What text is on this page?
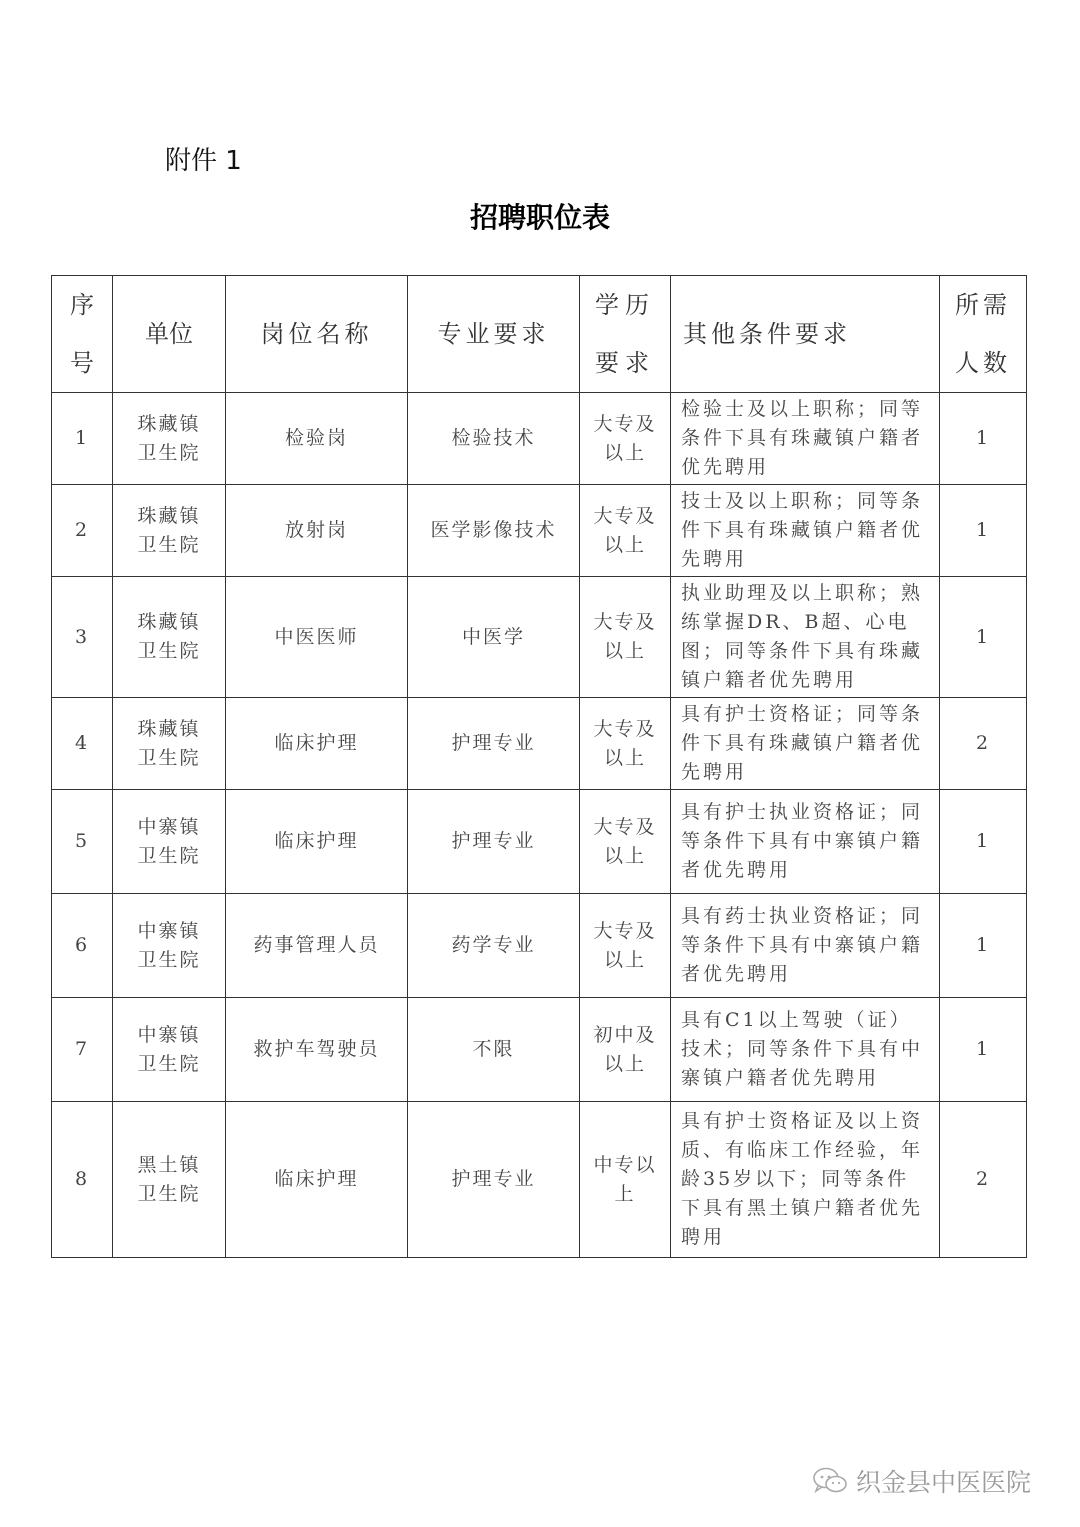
附件 1
招聘职位表
序号	单位	岗位名称	专业要求	学历要求	其他条件要求	所需人数

1	珠藏镇卫生院	检验岗	检验技术	大专及以上	检验士及以上职称；同等条件下具有珠藏镇户籍者优先聘用	1

2	珠藏镇卫生院	放射岗	医学影像技术	大专及以上	技士及以上职称；同等条件下具有珠藏镇户籍者优先聘用	1

3	珠藏镇卫生院	中医医师	中医学	大专及以上	执业助理及以上职称；熟练掌握DR、B超、心电图；同等条件下具有珠藏镇户籍者优先聘用	1

4	珠藏镇卫生院	临床护理	护理专业	大专及以上	具有护士资格证；同等条件下具有珠藏镇户籍者优先聘用	2

5	中寨镇卫生院	临床护理	护理专业	大专及以上	具有护士执业资格证；同等条件下具有中寨镇户籍者优先聘用	1

6	中寨镇卫生院	药事管理人员	药学专业	大专及以上	具有药士执业资格证；同等条件下具有中寨镇户籍者优先聘用	1

7	中寨镇卫生院	救护车驾驶员	不限	初中及以上	具有C1以上驾驶（证）技术；同等条件下具有中寨镇户籍者优先聘用	1

8	黑土镇卫生院	临床护理	护理专业	中专以上	具有护士资格证及以上资质、有临床工作经验，年龄35岁以下；同等条件下具有黑土镇户籍者优先聘用	2
织金县中医医院
